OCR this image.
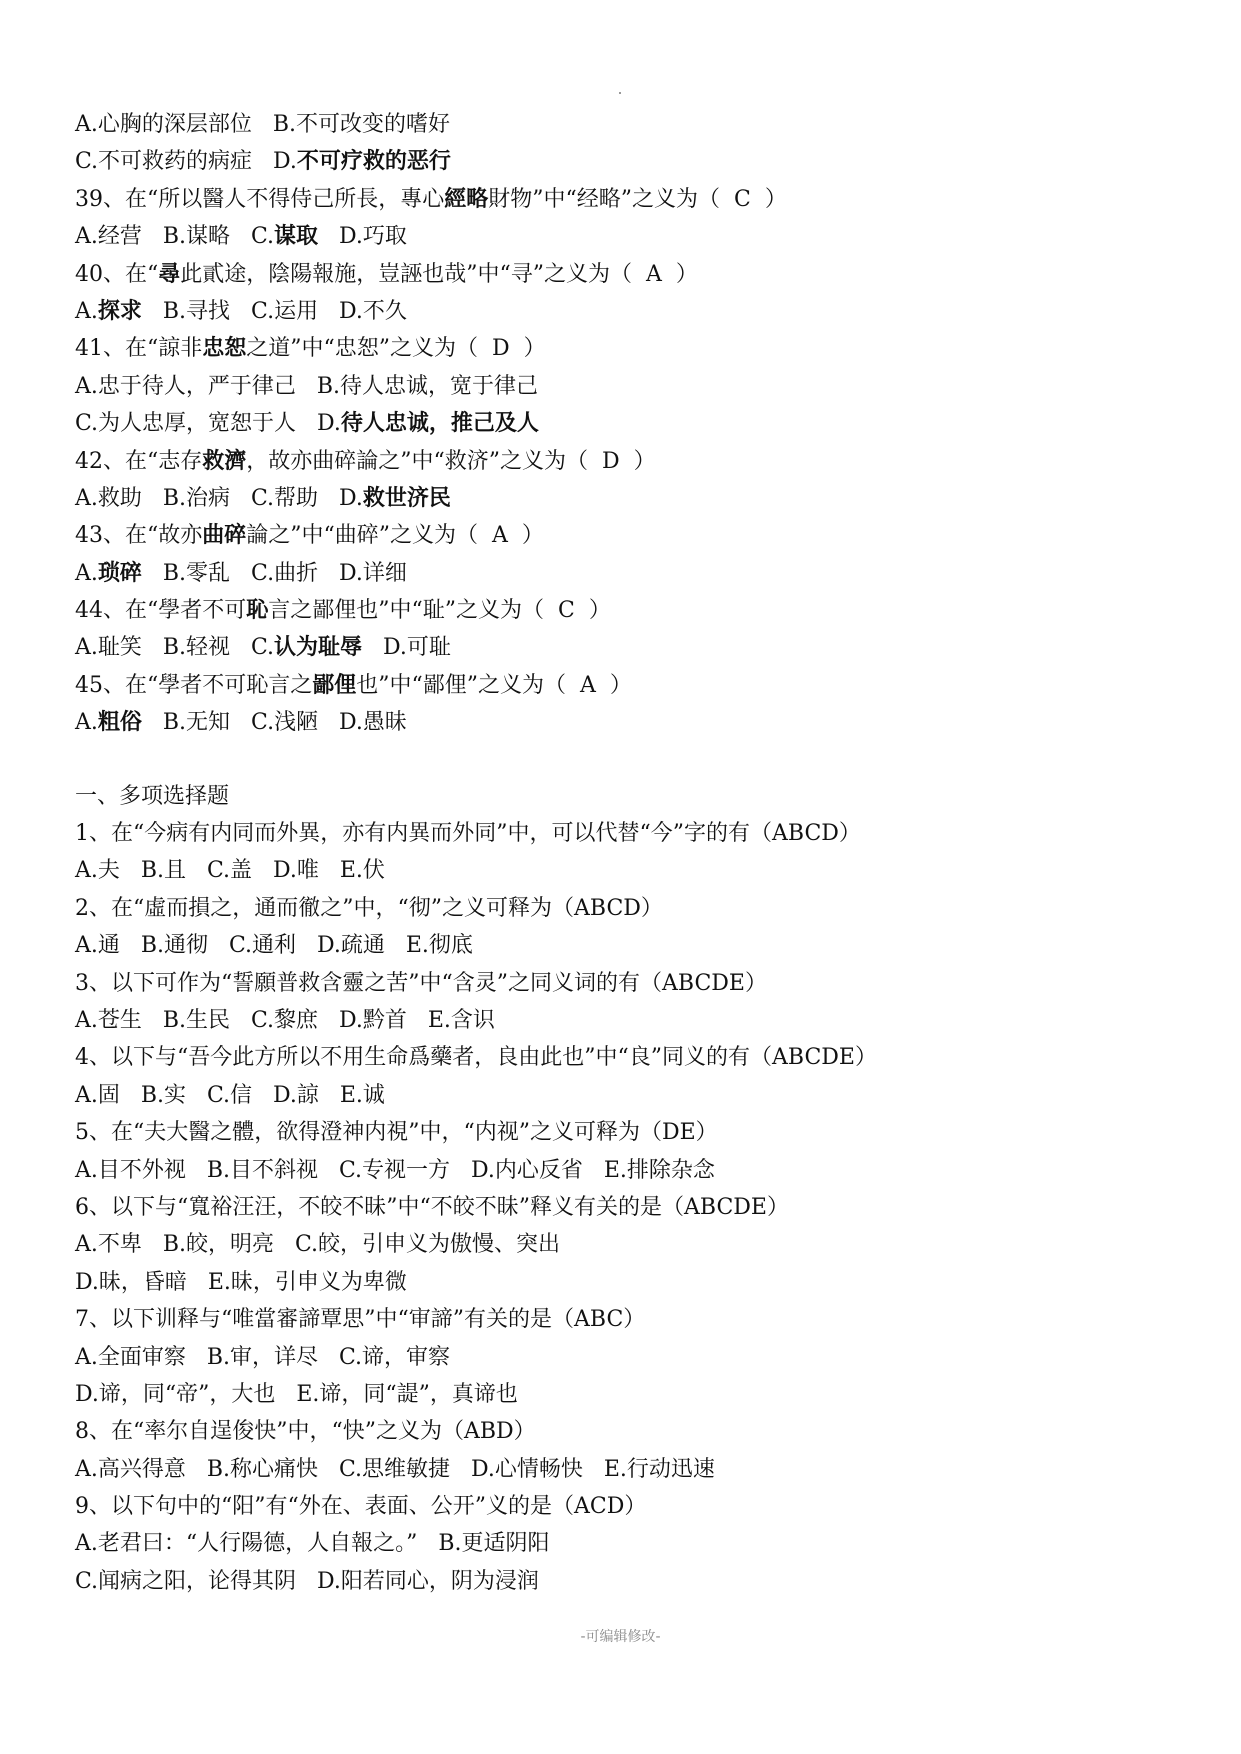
A.心胸的深层部位   B.不可改变的嗜好
C.不可救药的病症   D.不可疗救的恶行
39、在“所以醫人不得侍己所長，專心經略財物”中“经略”之义为（  C  ）
A.经营   B.谋略   C.谋取   D.巧取
40、在“尋此貳途，陰陽報施，豈誣也哉”中“寻”之义为（  A  ）
A.探求   B.寻找   C.运用   D.不久
41、在“諒非忠恕之道”中“忠恕”之义为（  D  ）
A.忠于待人，严于律己   B.待人忠诚，宽于律己
C.为人忠厚，宽恕于人   D.待人忠诚，推己及人
42、在“志存救濟，故亦曲碎論之”中“救济”之义为（  D  ）
A.救助   B.治病   C.帮助   D.救世济民
43、在“故亦曲碎論之”中“曲碎”之义为（  A  ）
A.琐碎   B.零乱   C.曲折   D.详细
44、在“學者不可恥言之鄙俚也”中“耻”之义为（  C  ）
A.耻笑   B.轻视   C.认为耻辱   D.可耻
45、在“學者不可恥言之鄙俚也”中“鄙俚”之义为（  A  ）
A.粗俗   B.无知   C.浅陋   D.愚昧
一、多项选择题
1、在“今病有内同而外異，亦有内異而外同”中，可以代替“今”字的有（ABCD）
A.夫   B.且   C.盖   D.唯   E.伏
2、在“虛而損之，通而徹之”中，“彻”之义可释为（ABCD）
A.通   B.通彻   C.通利   D.疏通   E.彻底
3、以下可作为“誓願普救含靈之苦”中“含灵”之同义词的有（ABCDE）
A.苍生   B.生民   C.黎庶   D.黔首   E.含识
4、以下与“吾今此方所以不用生命爲藥者，良由此也”中“良”同义的有（ABCDE）
A.固   B.实   C.信   D.諒   E.诚
5、在“夫大醫之體，欲得澄神内視”中，“内视”之义可释为（DE）
A.目不外视   B.目不斜视   C.专视一方   D.内心反省   E.排除杂念
6、以下与“寬裕汪汪，不皎不昧”中“不皎不昧”释义有关的是（ABCDE）
A.不卑   B.皎，明亮   C.皎，引申义为傲慢、突出
D.昧，昏暗   E.昧，引申义为卑微
7、以下训释与“唯當審諦覃思”中“审諦”有关的是（ABC）
A.全面审察   B.审，详尽   C.谛，审察
D.谛，同“帝”，大也   E.谛，同“諟”，真谛也
8、在“率尔自逞俊快”中，“快”之义为（ABD）
A.高兴得意   B.称心痛快   C.思维敏捷   D.心情畅快   E.行动迅速
9、以下句中的“阳”有“外在、表面、公开”义的是（ACD）
A.老君曰：“人行陽德，人自報之。”   B.更适阴阳
C.闻病之阳，论得其阴   D.阳若同心，阴为浸润
-可编辑修改-
